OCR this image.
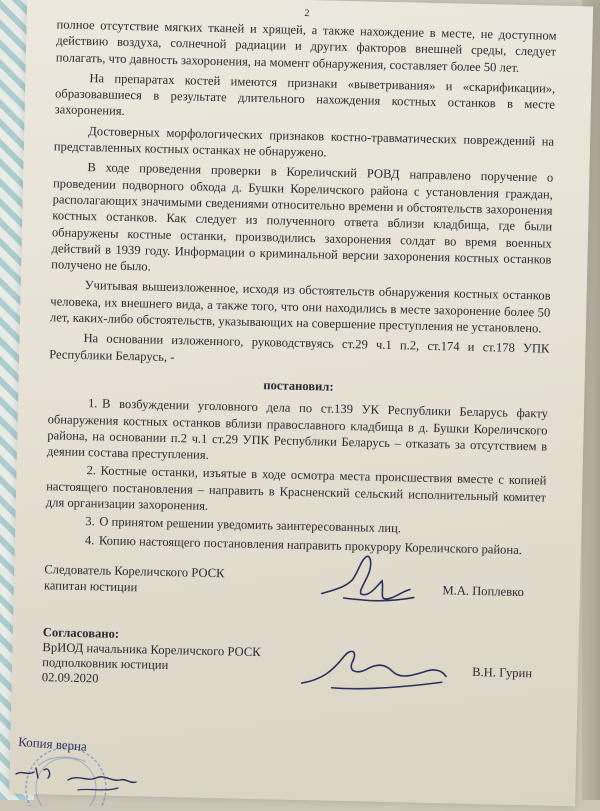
2

полное отсутствие мягких тканей и хрящей, а также нахождение в месте, не доступном действию воздуха, солнечной радиации и других факторов внешней среды, следует полагать, что давность захоронения, на момент обнаружения, составляет более 50 лет.

На препаратах костей имеются признаки «выветривания» и «скарификации», образовавшиеся в результате длительного нахождения костных останков в месте захоронения.

Достоверных морфологических признаков костно-травматических повреждений на представленных костных останках не обнаружено.

В ходе проведения проверки в Кореличский РОВД направлено поручение о проведении подворного обхода д. Бушки Кореличского района с установления граждан, располагающих значимыми сведениями относительно времени и обстоятельств захоронения костных останков. Как следует из полученного ответа вблизи кладбища, где были обнаружены костные останки, производились захоронения солдат во время военных действий в 1939 году. Информации о криминальной версии захоронения костных останков получено не было.

Учитывая вышеизложенное, исходя из обстоятельств обнаружения костных останков человека, их внешнего вида, а также того, что они находились в месте захоронение более 50 лет, каких-либо обстоятельств, указывающих на совершение преступления не установлено.

На основании изложенного, руководствуясь ст.29 ч.1 п.2, ст.174 и ст.178 УПК Республики Беларусь, -

постановил:

1. В возбуждении уголовного дела по ст.139 УК Республики Беларусь факту обнаружения костных останков вблизи православного кладбища в д. Бушки Кореличского района, на основании п.2 ч.1 ст.29 УПК Республики Беларусь – отказать за отсутствием в деянии состава преступления.

2. Костные останки, изъятые в ходе осмотра места происшествия вместе с копией настоящего постановления – направить в Красненский сельский исполнительный комитет для организации захоронения.

3. О принятом решении уведомить заинтересованных лиц.

4. Копию настоящего постановления направить прокурору Кореличского района.

Следователь Кореличского РОСК
капитан юстиции	М.А. Поплевко
Согласовано:
ВрИОД начальника Кореличского РОСК
подполковник юстиции
02.09.2020	В.Н. Гурин
Копия верна
